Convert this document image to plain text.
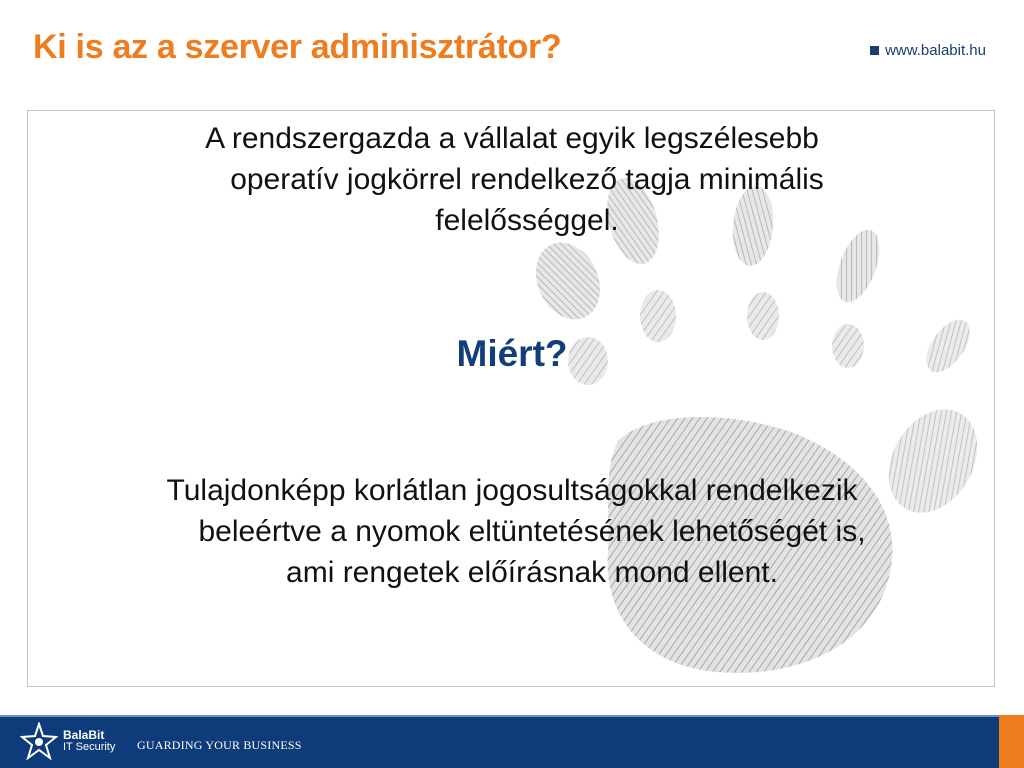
Ki is az a szerver adminisztrátor?	www.balabit.hu
A rendszergazda a vállalat egyik legszélesebb
operatív jogkörrel rendelkező tagja minimális
felelősséggel.
Miért?
Tulajdonképp korlátlan jogosultságokkal rendelkezik
beleértve a nyomok eltüntetésének lehetőségét is,
ami rengetek előírásnak mond ellent.
BalaBit
IT Security GUARDING YOUR BUSINESS
